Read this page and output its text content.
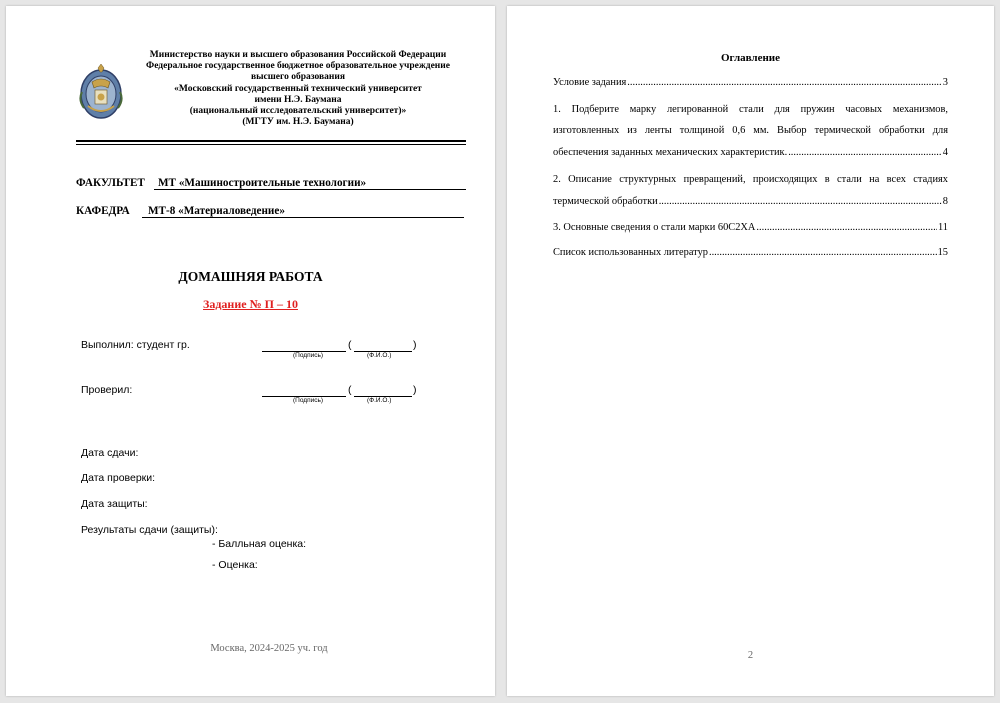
Министерство науки и высшего образования Российской Федерации
Федеральное государственное бюджетное образовательное учреждение
высшего образования
«Московский государственный технический университет
имени Н.Э. Баумана
(национальный исследовательский университет)»
(МГТУ им. Н.Э. Баумана)
ФАКУЛЬТЕТ	МТ «Машиностроительные технологии»
КАФЕДРА	МТ-8 «Материаловедение»
ДОМАШНЯЯ РАБОТА
Задание № П – 10
Выполнил: студент гр.	(	)
(Подпись)	(Ф.И.О.)
Проверил:	(	)
(Подпись)	(Ф.И.О.)
Дата сдачи:
Дата проверки:
Дата защиты:
Результаты сдачи (защиты):
- Балльная оценка:
- Оценка:
Москва, 2024-2025 уч. год
Оглавление
Условие задания .....	3
1. Подберите марку легированной стали для пружин часовых механизмов,
изготовленных из ленты толщиной 0,6 мм. Выбор термической обработки для
обеспечения заданных механических характеристик. .....	4
2. Описание структурных превращений, происходящих в стали на всех стадиях
термической обработки .....	8
3. Основные сведения о стали марки 60С2ХА .....	11
Список использованных литератур .....	15
2
